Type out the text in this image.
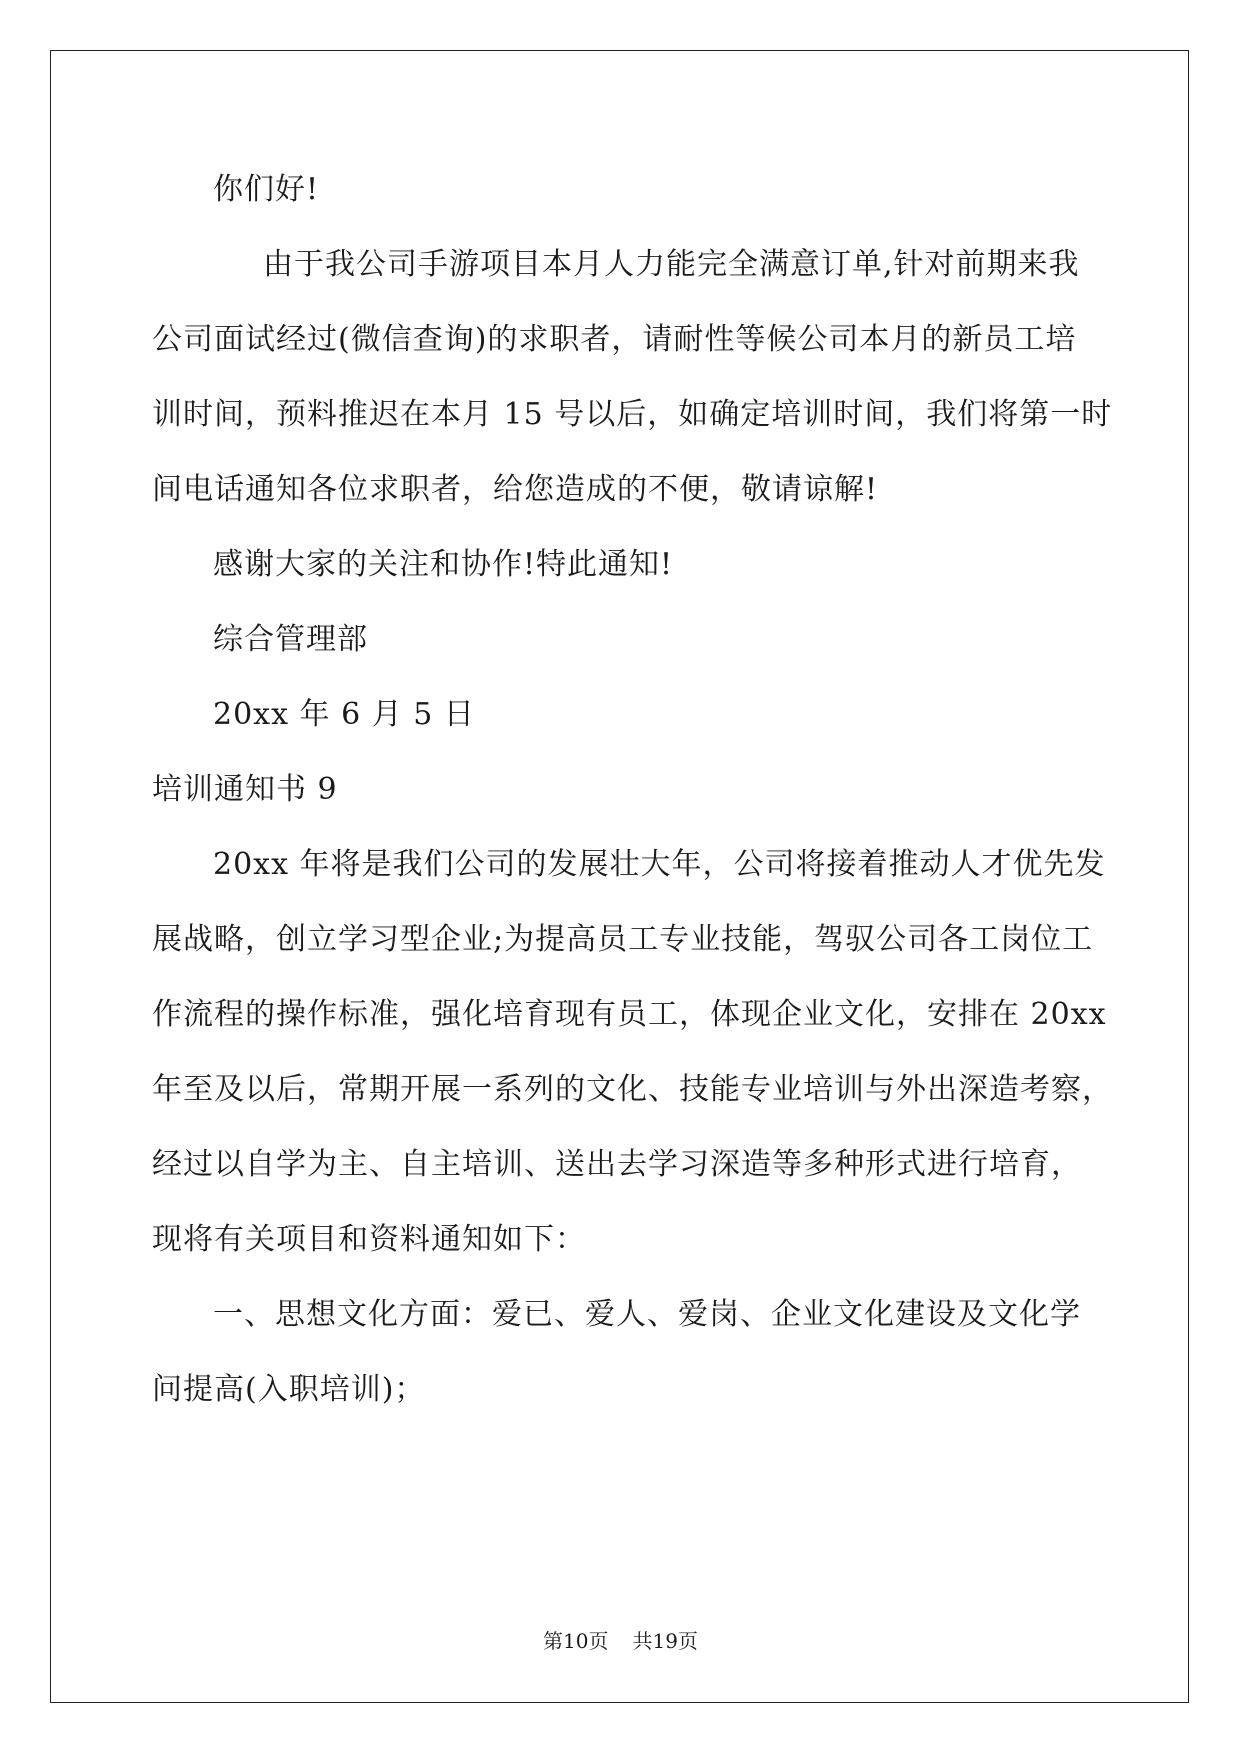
你们好!
由于我公司手游项目本月人力能完全满意订单,针对前期来我
公司面试经过(微信查询)的求职者，请耐性等候公司本月的新员工培
训时间，预料推迟在本月 15 号以后，如确定培训时间，我们将第一时
间电话通知各位求职者，给您造成的不便，敬请谅解!
感谢大家的关注和协作!特此通知!
综合管理部
20xx 年 6 月 5 日
培训通知书 9
20xx 年将是我们公司的发展壮大年，公司将接着推动人才优先发
展战略，创立学习型企业;为提高员工专业技能，驾驭公司各工岗位工
作流程的操作标准，强化培育现有员工，体现企业文化，安排在 20xx
年至及以后，常期开展一系列的文化、技能专业培训与外出深造考察，
经过以自学为主、自主培训、送出去学习深造等多种形式进行培育，
现将有关项目和资料通知如下：
一、思想文化方面：爱已、爱人、爱岗、企业文化建设及文化学
问提高(入职培训)；
第10页 共19页
